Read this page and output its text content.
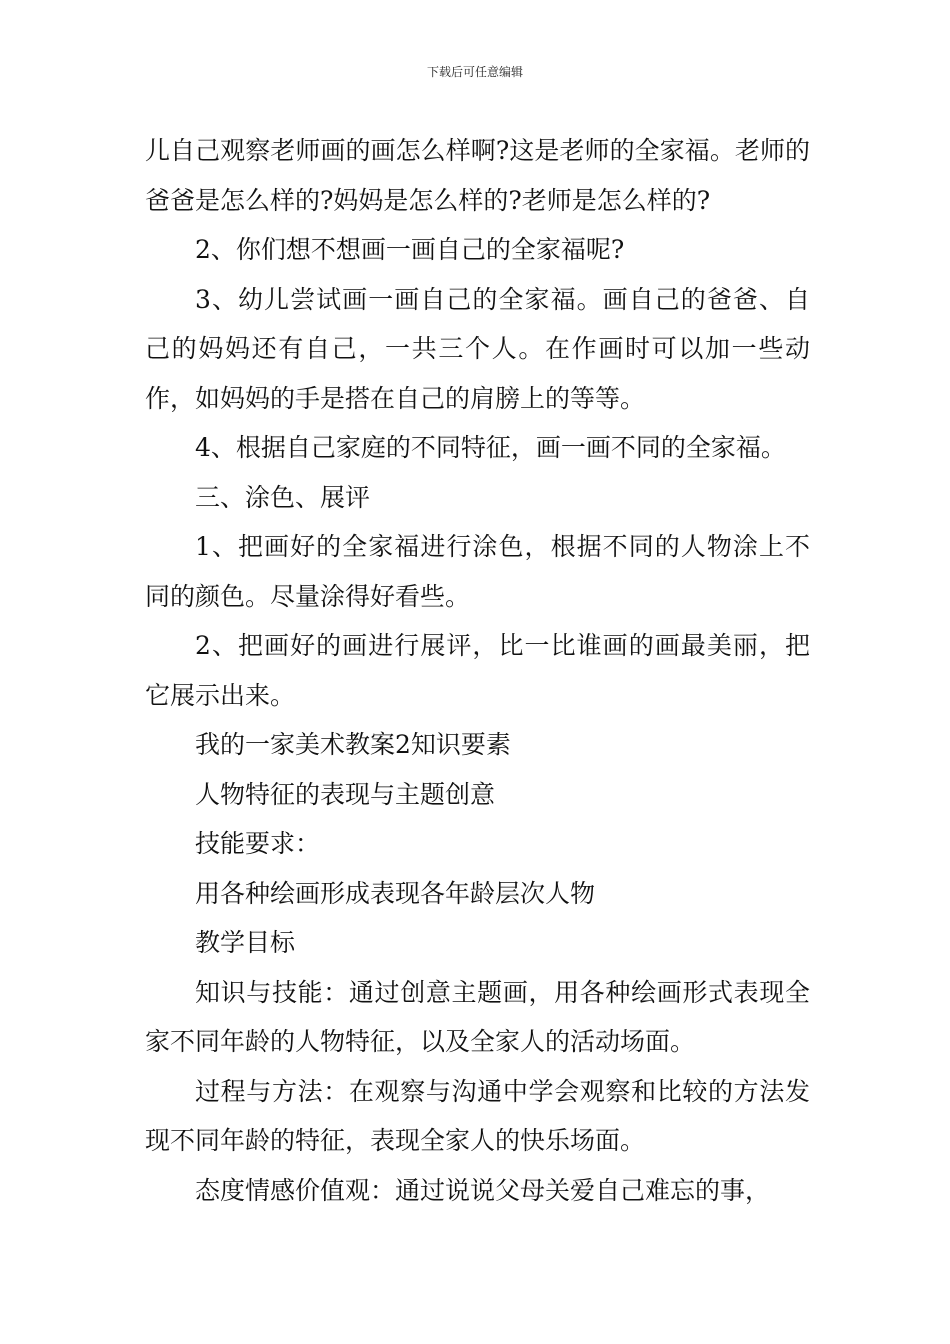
下载后可任意编辑

儿自己观察老师画的画怎么样啊?这是老师的全家福。老师的爸爸是怎么样的?妈妈是怎么样的?老师是怎么样的?

2、你们想不想画一画自己的全家福呢?

3、幼儿尝试画一画自己的全家福。画自己的爸爸、自己的妈妈还有自己，一共三个人。在作画时可以加一些动作，如妈妈的手是搭在自己的肩膀上的等等。

4、根据自己家庭的不同特征，画一画不同的全家福。

三、涂色、展评

1、把画好的全家福进行涂色，根据不同的人物涂上不同的颜色。尽量涂得好看些。

2、把画好的画进行展评，比一比谁画的画最美丽，把它展示出来。

我的一家美术教案2知识要素

人物特征的表现与主题创意

技能要求：

用各种绘画形成表现各年龄层次人物

教学目标

知识与技能：通过创意主题画，用各种绘画形式表现全家不同年龄的人物特征，以及全家人的活动场面。

过程与方法：在观察与沟通中学会观察和比较的方法发现不同年龄的特征，表现全家人的快乐场面。

态度情感价值观：通过说说父母关爱自己难忘的事，
